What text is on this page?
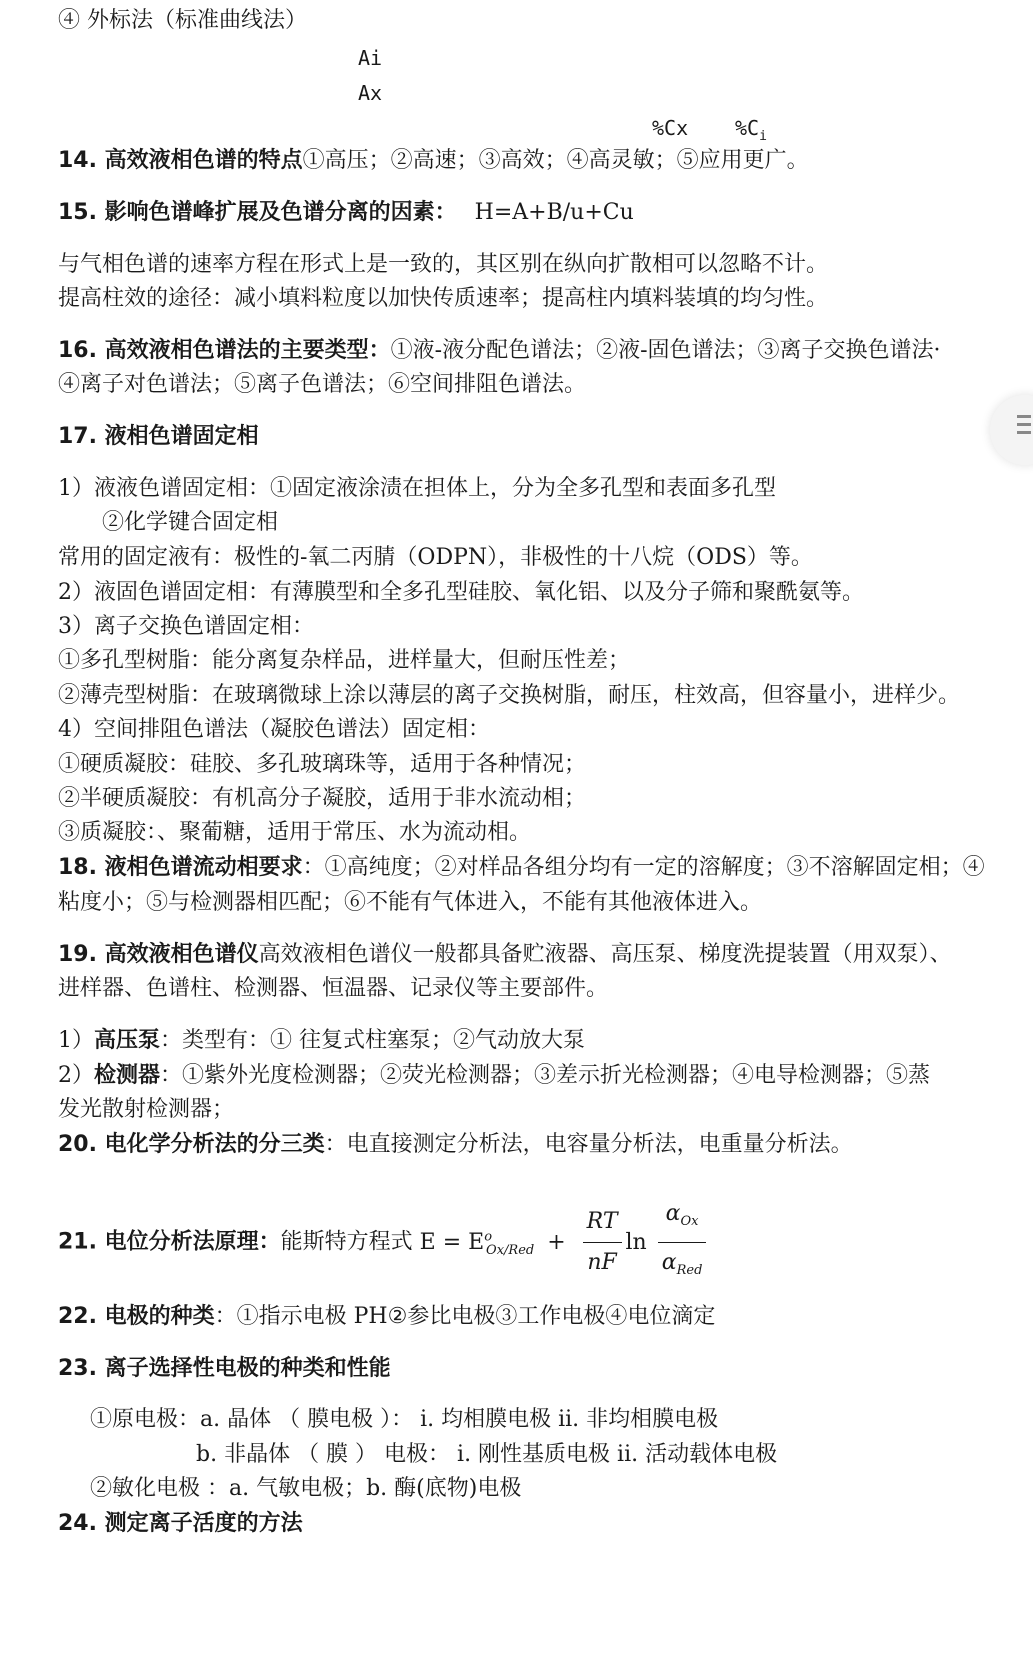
④ 外标法（标准曲线法）
Ai
Ax
%Cx $\%C_i$
14. 高效液相色谱的特点①高压；②高速；③高效；④高灵敏；⑤应用更广。
15. 影响色谱峰扩展及色谱分离的因素： H=A+B/u+Cu
与气相色谱的速率方程在形式上是一致的，其区别在纵向扩散相可以忽略不计。
提高柱效的途径：减小填料粒度以加快传质速率；提高柱内填料装填的均匀性。
16. 高效液相色谱法的主要类型：①液-液分配色谱法；②液-固色谱法；③离子交换色谱法·
④离子对色谱法；⑤离子色谱法；⑥空间排阻色谱法。
17. 液相色谱固定相
1）液液色谱固定相：①固定液涂渍在担体上，分为全多孔型和表面多孔型
②化学键合固定相
常用的固定液有：极性的-氧二丙腈（ODPN），非极性的十八烷（ODS）等。
2）液固色谱固定相：有薄膜型和全多孔型硅胶、氧化铝、以及分子筛和聚酰氨等。
3）离子交换色谱固定相：
①多孔型树脂：能分离复杂样品，进样量大，但耐压性差；
②薄壳型树脂：在玻璃微球上涂以薄层的离子交换树脂，耐压，柱效高，但容量小，进样少。
4）空间排阻色谱法（凝胶色谱法）固定相：
①硬质凝胶：硅胶、多孔玻璃珠等，适用于各种情况；
②半硬质凝胶：有机高分子凝胶，适用于非水流动相；
③质凝胶：、聚葡糖，适用于常压、水为流动相。
18. 液相色谱流动相要求：①高纯度；②对样品各组分均有一定的溶解度；③不溶解固定相；④
粘度小；⑤与检测器相匹配；⑥不能有气体进入，不能有其他液体进入。
19. 高效液相色谱仪高效液相色谱仪一般都具备贮液器、高压泵、梯度洗提装置（用双泵）、
进样器、色谱柱、检测器、恒温器、记录仪等主要部件。
1）高压泵：类型有：① 往复式柱塞泵；②气动放大泵
2）检测器：①紫外光度检测器；②荧光检测器；③差示折光检测器；④电导检测器；⑤蒸
发光散射检测器；
20. 电化学分析法的分三类：电直接测定分析法，电容量分析法，电重量分析法。
21. 电位分析法原理：能斯特方程式 $E = E^o_{Ox/Red} + \frac{RT}{nF}$ $\ln \frac{\alpha_{Ox}}{\alpha_{Red}}$
22. 电极的种类：①指示电极 PH②参比电极③工作电极④电位滴定
23. 离子选择性电极的种类和性能
①原电极：a. 晶体 （ 膜电极 ）： i. 均相膜电极 ii. 非均相膜电极
b. 非晶体 （ 膜 ） 电极： i. 刚性基质电极 ii. 活动载体电极
②敏化电极 ：a. 气敏电极；b. 酶(底物)电极
24. 测定离子活度的方法
